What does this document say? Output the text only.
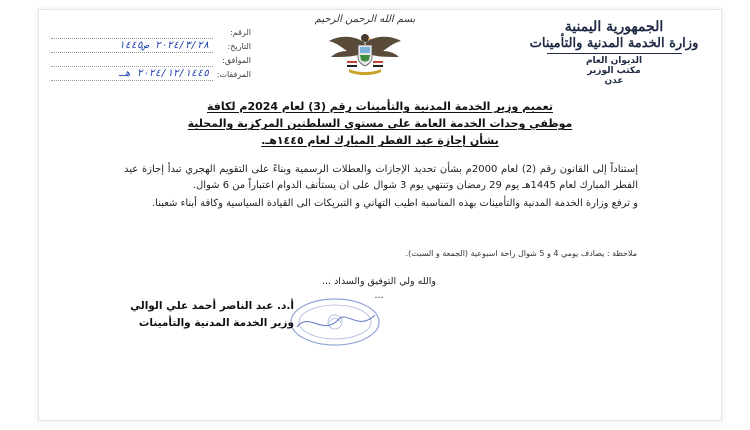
الجمهورية اليمنية
وزارة الخدمة المدنية والتأمينات
الديوان العام
مكتب الوزير
عدن
بسم الله الرحمن الرحيم
الرقم:
التاريخ:
٢٠٢٤/٣/٢٨ ص١٤٤٥
الموافق:
المرفقات:
٢٠٢٤/١٢/١٤٤٥ هـ
تعميم وزير الخدمة المدنية والتأمينات رقم (3) لعام 2024م لكافة
موظفي وحدات الخدمة العامة على مستوى السلطتين المركزية والمحلية
بشأن إجازة عيد الفطر المبارك لعام ١٤٤٥هـ.

إستناداً إلى القانون رقم (2) لعام 2000م بشأن تحديد الإجازات والعطلات الرسمية وبناءً على التقويم الهجري تبدأ إجازة عيد الفطر المبارك لعام 1445هـ يوم 29 رمضان وتنتهي يوم 3 شوال على ان يستأنف الدوام اعتباراً من 6 شوال.

و ترفع وزارة الخدمة المدنية والتأمينات بهذه المناسبة اطيب التهاني و التبريكات الى القيادة السياسية وكافة أبناء شعبنا.

ملاحظة : يصادف يومي 4 و 5 شوال راحة اسبوعية (الجمعة و السبت).
والله ولي التوفيق والسداد ...
...
أ.د. عبد الناصر أحمد علي الوالي
وزير الخدمة المدنية والتأمينات
